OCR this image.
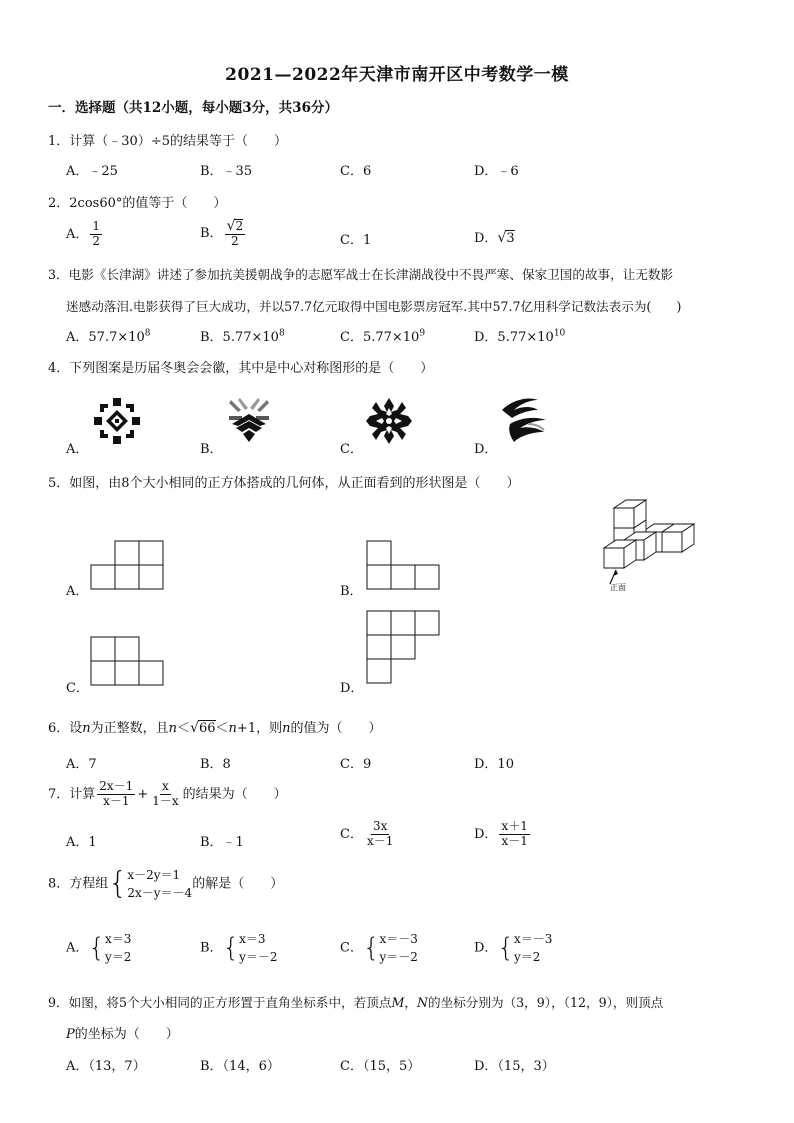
2021—2022年天津市南开区中考数学一模
一．选择题（共12小题，每小题3分，共36分）
1．计算（﹣30）÷5的结果等于（　　）
A．﹣25	B．﹣35	C．6	D．﹣6
2．2cos60°的值等于（　　）
A． $\frac{1}{2}$	B． $\frac{√2}{2}$	C．1	D．√3
3．电影《长津湖》讲述了参加抗美援朝战争的志愿军战士在长津湖战役中不畏严寒、保家卫国的故事，让无数影
迷感动落泪.电影获得了巨大成功，并以57.7亿元取得中国电影票房冠军.其中57.7亿用科学记数法表示为(　　)
A．$57.7\times 10^8$	B．$5.77\times 10^8$	C．$5.77\times 10^9$	D．$5.77\times 10^{10}$
4．下列图案是历届冬奥会会徽，其中是中心对称图形的是（　　）
A．	B．	C．	D．
5．如图，由8个大小相同的正方体搭成的几何体，从正面看到的形状图是（　　）
A．	B．
C．	D．
正面
6．设n为正整数，且n＜√66＜n+1，则n的值为（　　）
A．7	B．8	C．9	D．10
7．计算 $\frac{2x-1}{x-1} + \frac{x}{1-x}$ 的结果为（　　）
A．1	B．﹣1
C． $\frac{3x}{x-1}$	D． $\frac{x+1}{x-1}$
8．方程组{ x－2y＝1
2x－y＝－4
的解是（　　）
A．{ x＝3
y＝2
B．{ x＝3
y＝－2
C．{ x＝－3
y＝－2
D．{ x＝－3
y＝2
9．如图，将5个大小相同的正方形置于直角坐标系中，若顶点M，N的坐标分别为（3，9），（12，9），则顶点
P的坐标为（　　）
A．（13，7）	B．（14，6）	C．（15，5）	D．（15，3）
